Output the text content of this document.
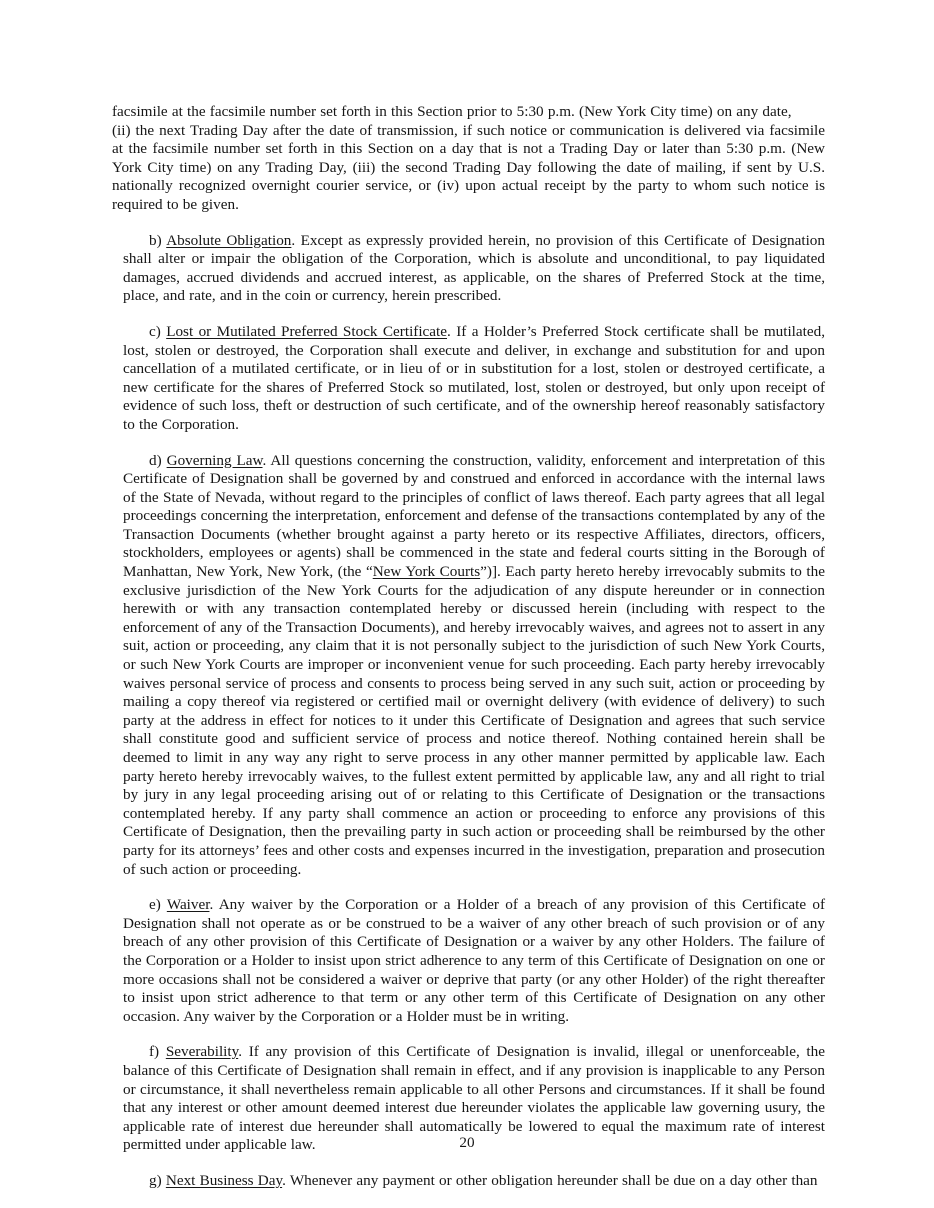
facsimile at the facsimile number set forth in this Section prior to 5:30 p.m. (New York City time) on any date,
(ii) the next Trading Day after the date of transmission, if such notice or communication is delivered via facsimile at the facsimile number set forth in this Section on a day that is not a Trading Day or later than 5:30 p.m. (New York City time) on any Trading Day, (iii) the second Trading Day following the date of mailing, if sent by U.S. nationally recognized overnight courier service, or (iv) upon actual receipt by the party to whom such notice is required to be given.

b) Absolute Obligation. Except as expressly provided herein, no provision of this Certificate of Designation shall alter or impair the obligation of the Corporation, which is absolute and unconditional, to pay liquidated damages, accrued dividends and accrued interest, as applicable, on the shares of Preferred Stock at the time, place, and rate, and in the coin or currency, herein prescribed.

c) Lost or Mutilated Preferred Stock Certificate. If a Holder’s Preferred Stock certificate shall be mutilated, lost, stolen or destroyed, the Corporation shall execute and deliver, in exchange and substitution for and upon cancellation of a mutilated certificate, or in lieu of or in substitution for a lost, stolen or destroyed certificate, a new certificate for the shares of Preferred Stock so mutilated, lost, stolen or destroyed, but only upon receipt of evidence of such loss, theft or destruction of such certificate, and of the ownership hereof reasonably satisfactory to the Corporation.

d) Governing Law. All questions concerning the construction, validity, enforcement and interpretation of this Certificate of Designation shall be governed by and construed and enforced in accordance with the internal laws of the State of Nevada, without regard to the principles of conflict of laws thereof. Each party agrees that all legal proceedings concerning the interpretation, enforcement and defense of the transactions contemplated by any of the Transaction Documents (whether brought against a party hereto or its respective Affiliates, directors, officers, stockholders, employees or agents) shall be commenced in the state and federal courts sitting in the Borough of Manhattan, New York, New York, (the “New York Courts”)]. Each party hereto hereby irrevocably submits to the exclusive jurisdiction of the New York Courts for the adjudication of any dispute hereunder or in connection herewith or with any transaction contemplated hereby or discussed herein (including with respect to the enforcement of any of the Transaction Documents), and hereby irrevocably waives, and agrees not to assert in any suit, action or proceeding, any claim that it is not personally subject to the jurisdiction of such New York Courts, or such New York Courts are improper or inconvenient venue for such proceeding. Each party hereby irrevocably waives personal service of process and consents to process being served in any such suit, action or proceeding by mailing a copy thereof via registered or certified mail or overnight delivery (with evidence of delivery) to such party at the address in effect for notices to it under this Certificate of Designation and agrees that such service shall constitute good and sufficient service of process and notice thereof. Nothing contained herein shall be deemed to limit in any way any right to serve process in any other manner permitted by applicable law. Each party hereto hereby irrevocably waives, to the fullest extent permitted by applicable law, any and all right to trial by jury in any legal proceeding arising out of or relating to this Certificate of Designation or the transactions contemplated hereby. If any party shall commence an action or proceeding to enforce any provisions of this Certificate of Designation, then the prevailing party in such action or proceeding shall be reimbursed by the other party for its attorneys’ fees and other costs and expenses incurred in the investigation, preparation and prosecution of such action or proceeding.

e) Waiver. Any waiver by the Corporation or a Holder of a breach of any provision of this Certificate of Designation shall not operate as or be construed to be a waiver of any other breach of such provision or of any breach of any other provision of this Certificate of Designation or a waiver by any other Holders. The failure of the Corporation or a Holder to insist upon strict adherence to any term of this Certificate of Designation on one or more occasions shall not be considered a waiver or deprive that party (or any other Holder) of the right thereafter to insist upon strict adherence to that term or any other term of this Certificate of Designation on any other occasion. Any waiver by the Corporation or a Holder must be in writing.

f) Severability. If any provision of this Certificate of Designation is invalid, illegal or unenforceable, the balance of this Certificate of Designation shall remain in effect, and if any provision is inapplicable to any Person or circumstance, it shall nevertheless remain applicable to all other Persons and circumstances. If it shall be found that any interest or other amount deemed interest due hereunder violates the applicable law governing usury, the applicable rate of interest due hereunder shall automatically be lowered to equal the maximum rate of interest permitted under applicable law.

g) Next Business Day. Whenever any payment or other obligation hereunder shall be due on a day other than

20
